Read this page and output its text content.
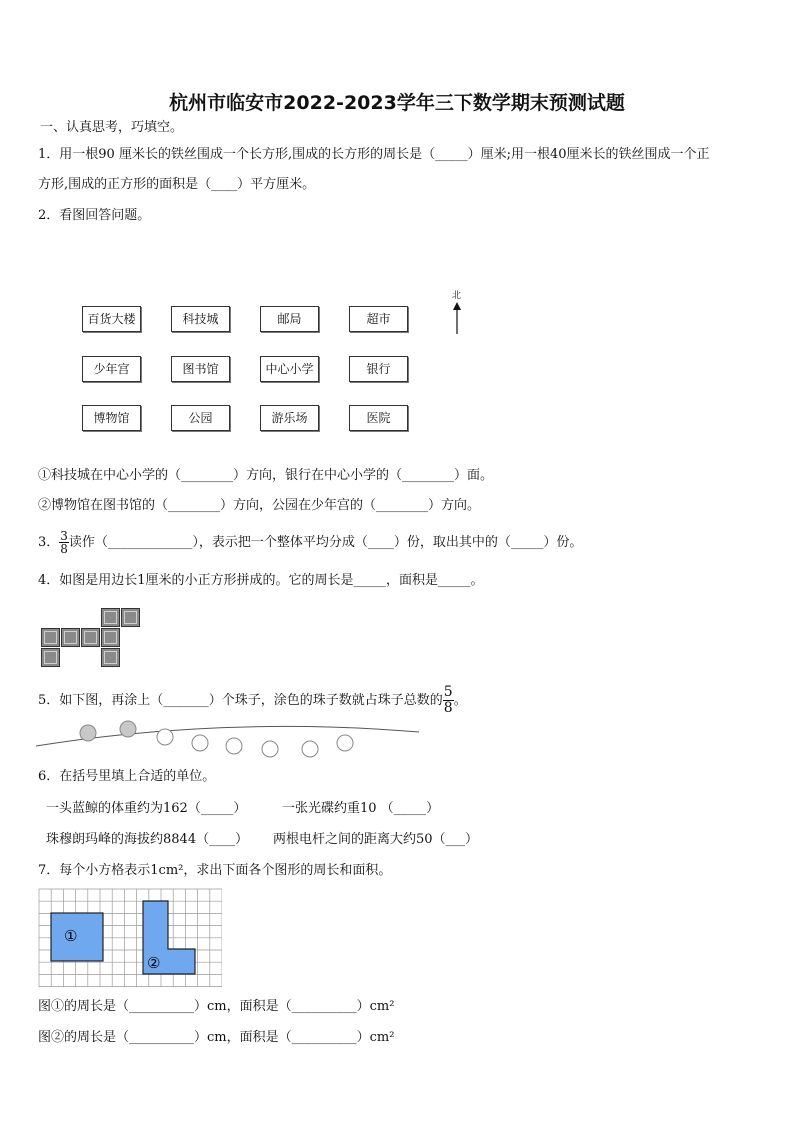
杭州市临安市2022-2023学年三下数学期末预测试题
一、认真思考，巧填空。
1．用一根90 厘米长的铁丝围成一个长方形,围成的长方形的周长是（_____）厘米;用一根40厘米长的铁丝围成一个正
方形,围成的正方形的面积是（____）平方厘米。
2．看图回答问题。
百货大楼	科技城	邮局	超市
少年宫	图书馆	中心小学	银行
博物馆	公园	游乐场	医院
北
①科技城在中心小学的（________）方向，银行在中心小学的（________）面。
②博物馆在图书馆的（________）方向，公园在少年宫的（________）方向。
3． $\frac{3}{8}$ 读作（_____________），表示把一个整体平均分成（____）份，取出其中的（_____）份。
4．如图是用边长1厘米的小正方形拼成的。它的周长是_____，面积是_____。
5．如下图，再涂上（_______）个珠子，涂色的珠子数就占珠子总数的 $\frac{5}{8}$ 。
6．在括号里填上合适的单位。
一头蓝鲸的体重约为162（_____）	一张光碟约重10 （_____）
珠穆朗玛峰的海拔约8844（____） 两根电杆之间的距离大约50（___）
7．每个小方格表示1cm²，求出下面各个图形的周长和面积。
①
②
图①的周长是（__________）cm，面积是（__________）cm²
图②的周长是（__________）cm，面积是（__________）cm²
